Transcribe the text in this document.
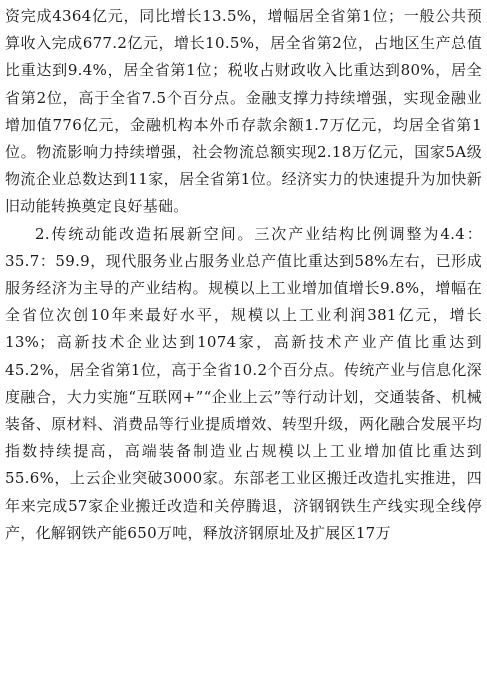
资完成4364亿元，同比增长13.5%，增幅居全省第1位；一般公共预算收入完成677.2亿元，增长10.5%，居全省第2位，占地区生产总值比重达到9.4%，居全省第1位；税收占财政收入比重达到80%，居全省第2位，高于全省7.5个百分点。金融支撑力持续增强，实现金融业增加值776亿元，金融机构本外币存款余额1.7万亿元，均居全省第1位。物流影响力持续增强，社会物流总额实现2.18万亿元，国家5A级物流企业总数达到11家，居全省第1位。经济实力的快速提升为加快新旧动能转换奠定良好基础。

2.传统动能改造拓展新空间。三次产业结构比例调整为4.4：35.7：59.9，现代服务业占服务业总产值比重达到58%左右，已形成服务经济为主导的产业结构。规模以上工业增加值增长9.8%，增幅在全省位次创10年来最好水平，规模以上工业利润381亿元，增长13%；高新技术企业达到1074家，高新技术产业产值比重达到45.2%，居全省第1位，高于全省10.2个百分点。传统产业与信息化深度融合，大力实施“互联网+”“企业上云”等行动计划，交通装备、机械装备、原材料、消费品等行业提质增效、转型升级，两化融合发展平均指数持续提高，高端装备制造业占规模以上工业增加值比重达到55.6%，上云企业突破3000家。东部老工业区搬迁改造扎实推进，四年来完成57家企业搬迁改造和关停腾退，济钢钢铁生产线实现全线停产，化解钢铁产能650万吨，释放济钢原址及扩展区17万
